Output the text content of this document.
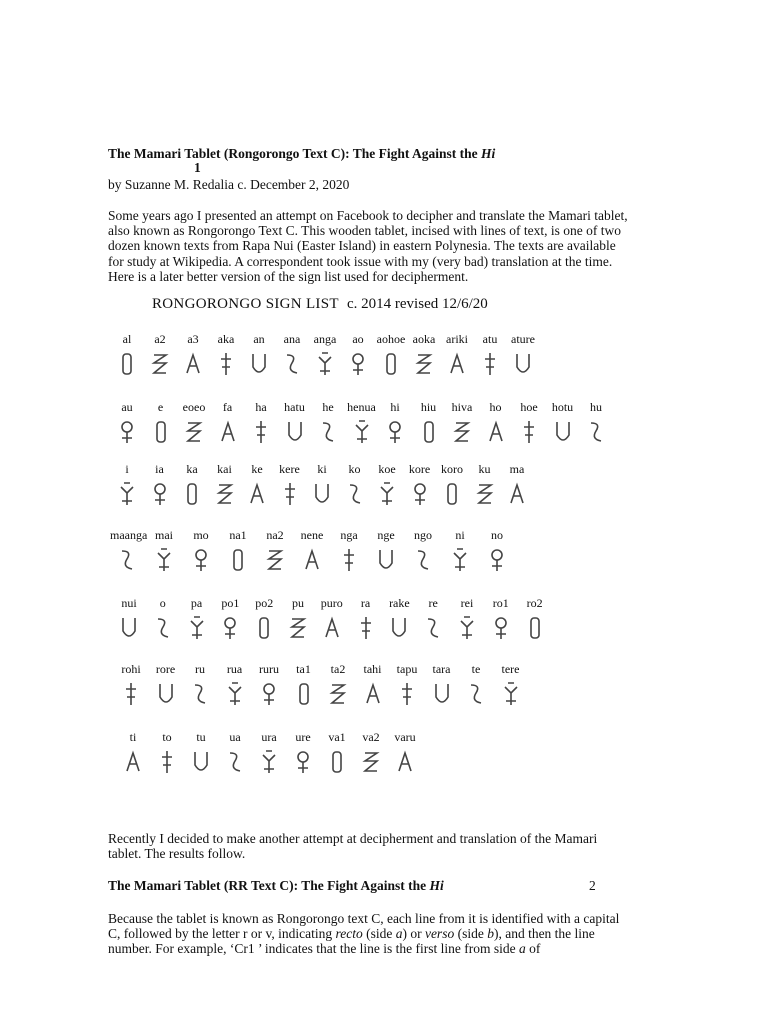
The Mamari Tablet (Rongorongo Text C): The Fight Against the Hi
1
by Suzanne M. Redalia c. December 2, 2020

Some years ago I presented an attempt on Facebook to decipher and translate the Mamari tablet, also known as Rongorongo Text C. This wooden tablet, incised with lines of text, is one of two dozen known texts from Rapa Nui (Easter Island) in eastern Polynesia. The texts are available for study at Wikipedia. A correspondent took issue with my (very bad) translation at the time. Here is a later better version of the sign list used for decipherment.

RONGORONGO SIGN LIST c. 2014 revised 12/6/20
al	a2	a3	aka	an	ana	anga	ao	aohoe aoka ariki	atu	ature
au	e	eoeo	fa	ha	hatu	he	henua	hi	hiu	hiva	ho	hoe	hotu	hu
i	ia	ka	kai	ke	kere	ki	ko	koe	kore koro	ku	ma
maanga mai	mo	na1	na2	nene	nga	nge	ngo	ni	no
nui	o	pa	po1	po2	pu	puro	ra	rake	re	rei	ro1	ro2
rohi	rore	ru	rua	ruru	ta1	ta2	tahi	tapu	tara	te	tere
ti	to	tu	ua	ura	ure	va1	va2	varu

Recently I decided to make another attempt at decipherment and translation of the Mamari tablet. The results follow.

The Mamari Tablet (RR Text C): The Fight Against the Hi	2

Because the tablet is known as Rongorongo text C, each line from it is identified with a capital C, followed by the letter r or v, indicating recto (side a) or verso (side b), and then the line number. For example, ‘Cr1 ’ indicates that the line is the first line from side a of
